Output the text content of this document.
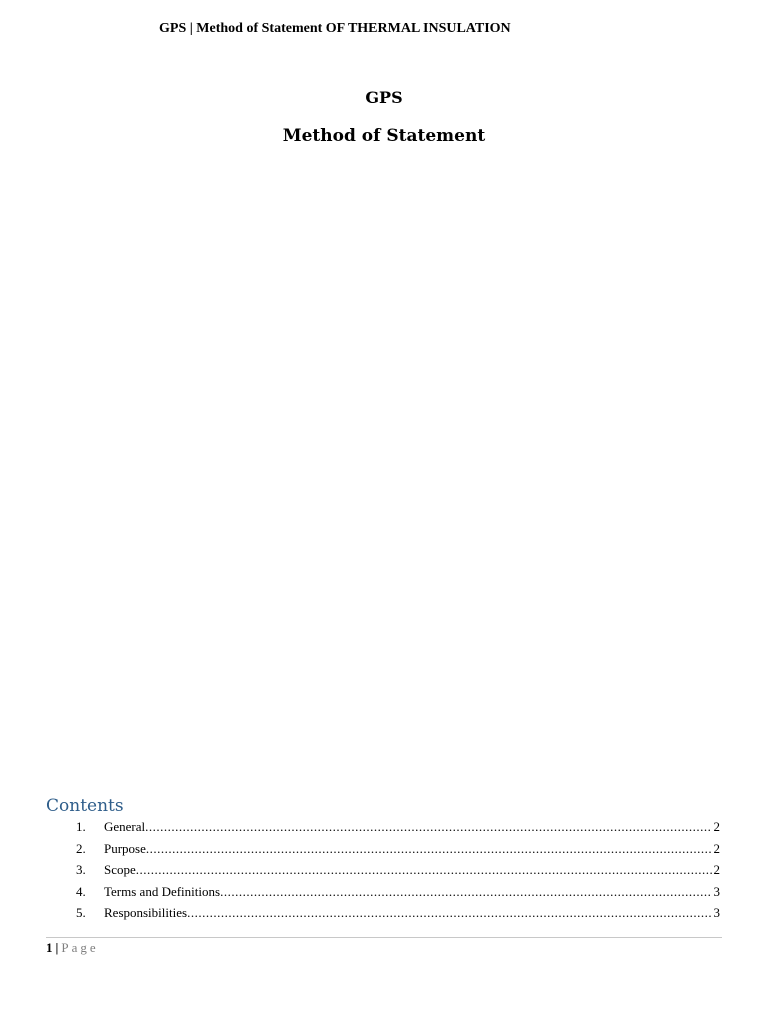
GPS | Method of Statement OF THERMAL INSULATION
GPS
Method of Statement
Contents
1. General .....	2
2. Purpose .....	2
3. Scope .....	2
4. Terms and Definitions .....	3
5. Responsibilities .....	3
1 | Page
